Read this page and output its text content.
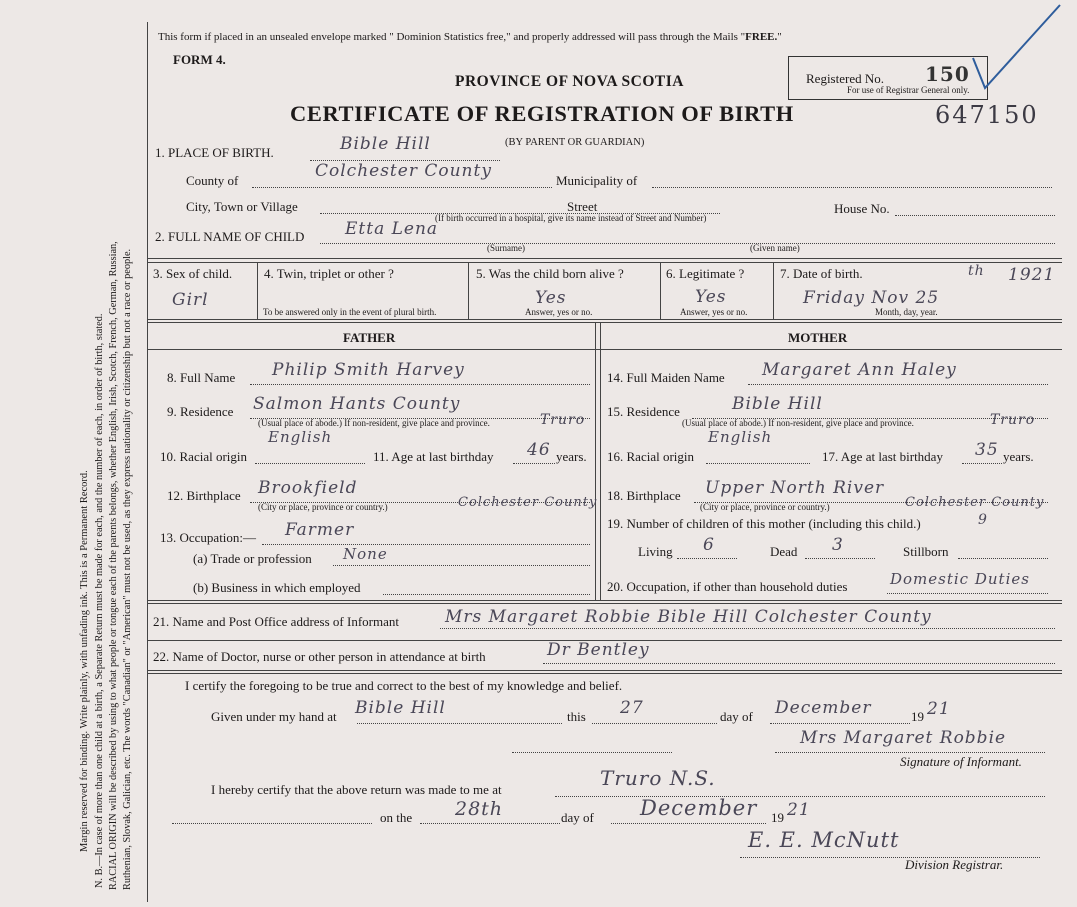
Margin reserved for binding. Write plainly, with unfading ink. This is a Permanent Record. N. B.—In case of more than one child at a birth, a Separate Return must be made for each, and the number of each, in order of birth, stated. RACIAL ORIGIN will be described by using to what people or tongue each of the parents belongs, whether English, Irish, Scotch, French, German, Russian, Ruthenian, Slovak, Galician, etc. The words "Canadian" or "American" must not be used, as they express nationality or citizenship but not a race or people.
This form if placed in an unsealed envelope marked " Dominion Statistics free," and properly addressed will pass through the Mails "FREE."
FORM 4.
PROVINCE OF NOVA SCOTIA
CERTIFICATE OF REGISTRATION OF BIRTH
Registered No. 150
For use of Registrar General only.
647150
1. PLACE OF BIRTH.	Bible Hill	(BY PARENT OR GUARDIAN)
County of	Colchester County	Municipality of
City, Town or Village	Street	House No.
(If birth occurred in a hospital, give its name instead of Street and Number)
2. FULL NAME OF CHILD Etta Lena
(Surname)	(Given name)
3. Sex of child.
Girl
4. Twin, triplet or other ?
To be answered only in the event of plural birth.
5. Was the child born alive ?
Yes
Answer, yes or no.
6. Legitimate ?
Yes
Answer, yes or no.
7. Date of birth.
Friday Nov 25
th 1921
Month, day, year.
FATHER	MOTHER
8. Full Name Philip Smith Harvey
9. Residence Salmon Hants County
Truro
(Usual place of abode.) If non-resident, give place and province.
10. Racial origin
English
11. Age at last birthday 46 years.
12. Birthplace Brookfield
Colchester County
(City or place, province or country.)
13. Occupation:— Farmer
(a) Trade or profession None
(b) Business in which employed
14. Full Maiden Name Margaret Ann Haley
15. Residence	Bible Hill
Truro
(Usual place of abode.) If non-resident, give place and province.
16. Racial origin
English
17. Age at last birthday 35 years.
18. Birthplace Upper North River
Colchester County
(City or place, province or country.)
19. Number of children of this mother (including this child.)	9
Living 6	Dead 3	Stillborn
20. Occupation, if other than household duties	Domestic Duties
21. Name and Post Office address of Informant	Mrs Margaret Robbie Bible Hill Colchester County
22. Name of Doctor, nurse or other person in attendance at birth	Dr Bentley
I certify the foregoing to be true and correct to the best of my knowledge and belief.
Given under my hand at Bible Hill	this 27	day of December	19 21
Mrs Margaret Robbie
Signature of Informant.
I hereby certify that the above return was made to me at	Truro N.S.
on the 28th	day of December 19 21
E. E. McNutt
Division Registrar.
